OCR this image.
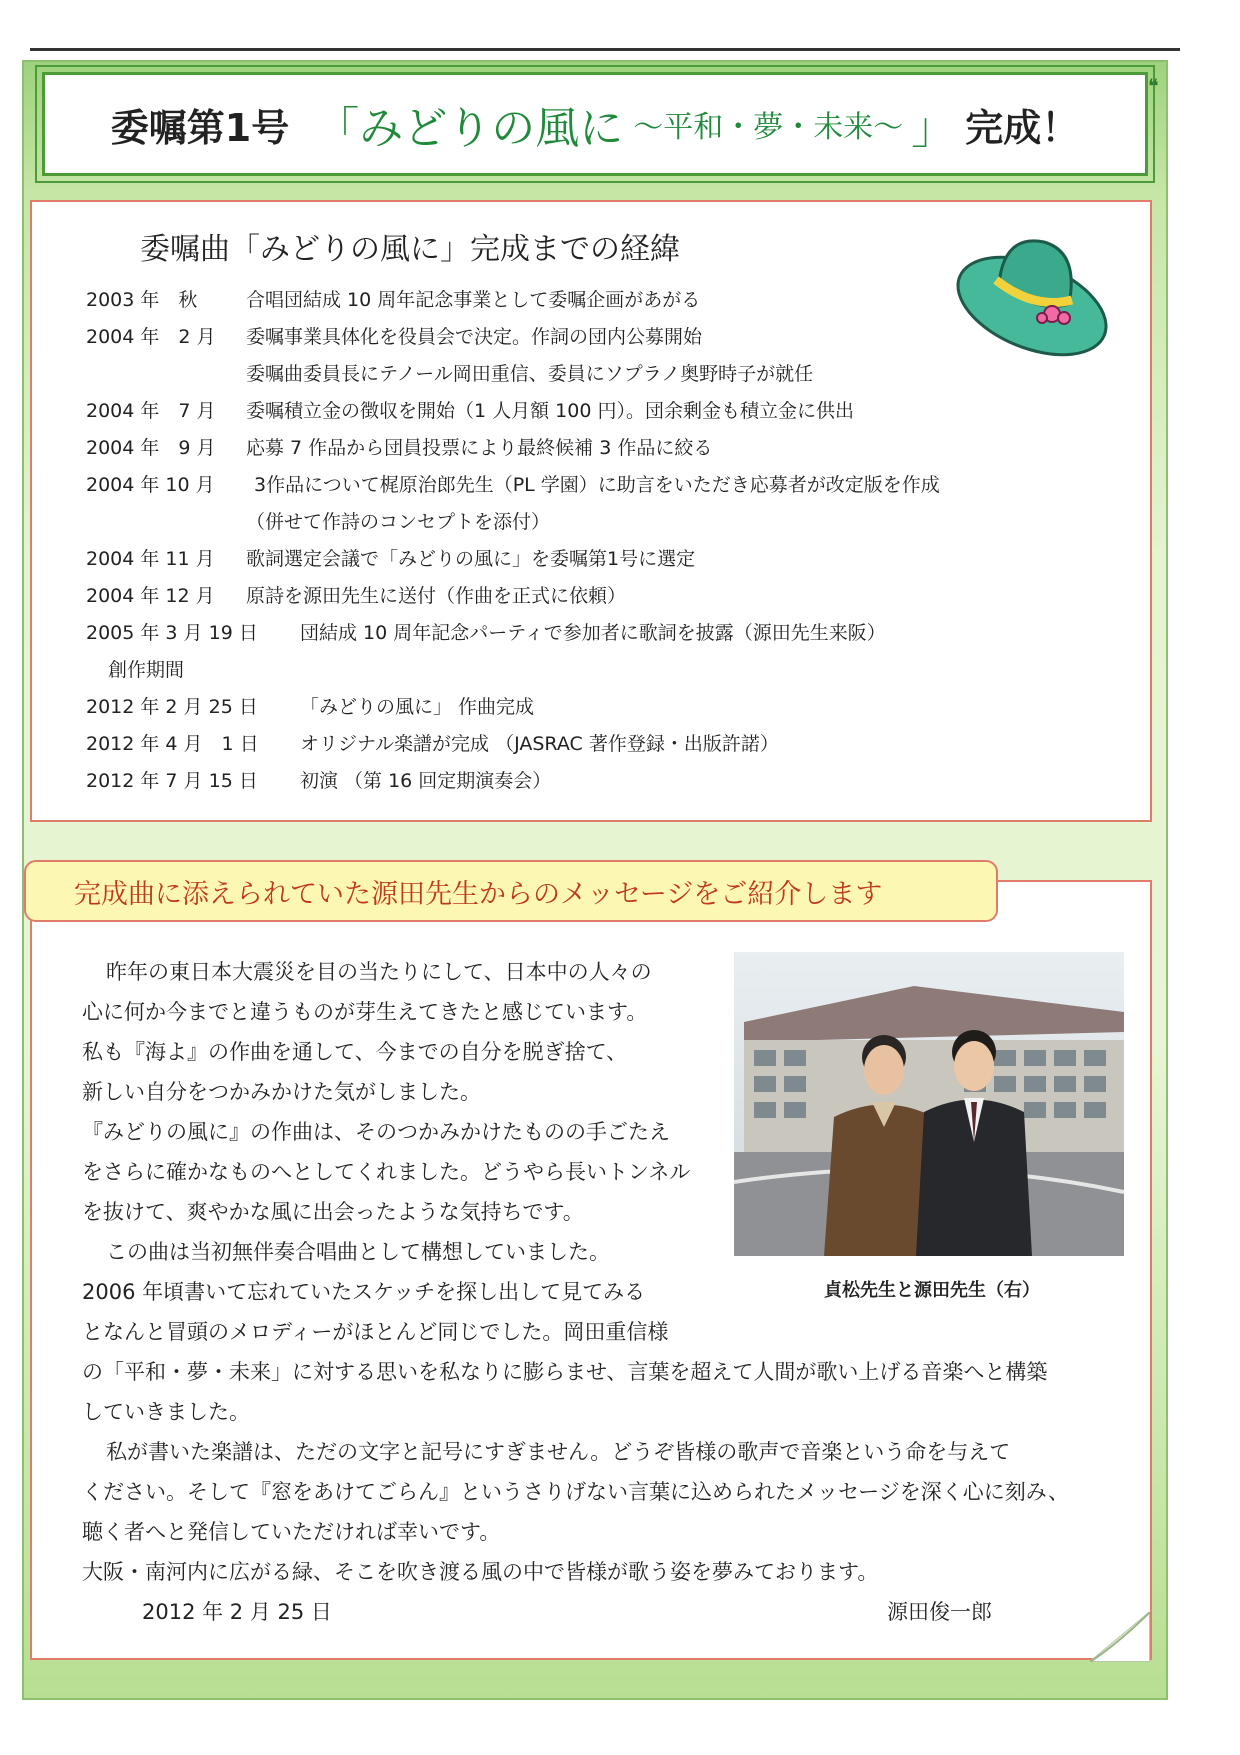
委嘱第1号 「 みどりの風に 〜平和・夢・未来〜 」 完成！
❝
委嘱曲「みどりの風に」完成までの経緯
2003 年　秋	合唱団結成 10 周年記念事業として委嘱企画があがる
2004 年　2 月 委嘱事業具体化を役員会で決定。作詞の団内公募開始
委嘱曲委員長にテノール岡田重信、委員にソプラノ奥野時子が就任
2004 年　7 月 委嘱積立金の徴収を開始（1 人月額 100 円）。団余剰金も積立金に供出
2004 年　9 月 応募 7 作品から団員投票により最終候補 3 作品に絞る
2004 年 10 月 3作品について梶原治郎先生（PL 学園）に助言をいただき応募者が改定版を作成
（併せて作詩のコンセプトを添付）
2004 年 11 月 歌詞選定会議で「みどりの風に」を委嘱第1号に選定
2004 年 12 月 原詩を源田先生に送付（作曲を正式に依頼）
2005 年 3 月 19 日 団結成 10 周年記念パーティで参加者に歌詞を披露（源田先生来阪）
創作期間
2012 年 2 月 25 日 「みどりの風に」 作曲完成
2012 年 4 月　1 日 オリジナル楽譜が完成 （JASRAC 著作登録・出版許諾）
2012 年 7 月 15 日 初演 （第 16 回定期演奏会）
昨年の東日本大震災を目の当たりにして、日本中の人々の
心に何か今までと違うものが芽生えてきたと感じています。
私も『海よ』の作曲を通して、今までの自分を脱ぎ捨て、
新しい自分をつかみかけた気がしました。
『みどりの風に』の作曲は、そのつかみかけたものの手ごたえ
をさらに確かなものへとしてくれました。どうやら長いトンネル
を抜けて、爽やかな風に出会ったような気持ちです。
この曲は当初無伴奏合唱曲として構想していました。
2006 年頃書いて忘れていたスケッチを探し出して見てみる
となんと冒頭のメロディーがほとんど同じでした。岡田重信様
の「平和・夢・未来」に対する思いを私なりに膨らませ、言葉を超えて人間が歌い上げる音楽へと構築
していきました。
私が書いた楽譜は、ただの文字と記号にすぎません。どうぞ皆様の歌声で音楽という命を与えて
ください。そして『窓をあけてごらん』というさりげない言葉に込められたメッセージを深く心に刻み、
聴く者へと発信していただければ幸いです。
大阪・南河内に広がる緑、そこを吹き渡る風の中で皆様が歌う姿を夢みております。
2012 年 2 月 25 日	源田俊一郎
完成曲に添えられていた源田先生からのメッセージをご紹介します
貞松先生と源田先生（右）
